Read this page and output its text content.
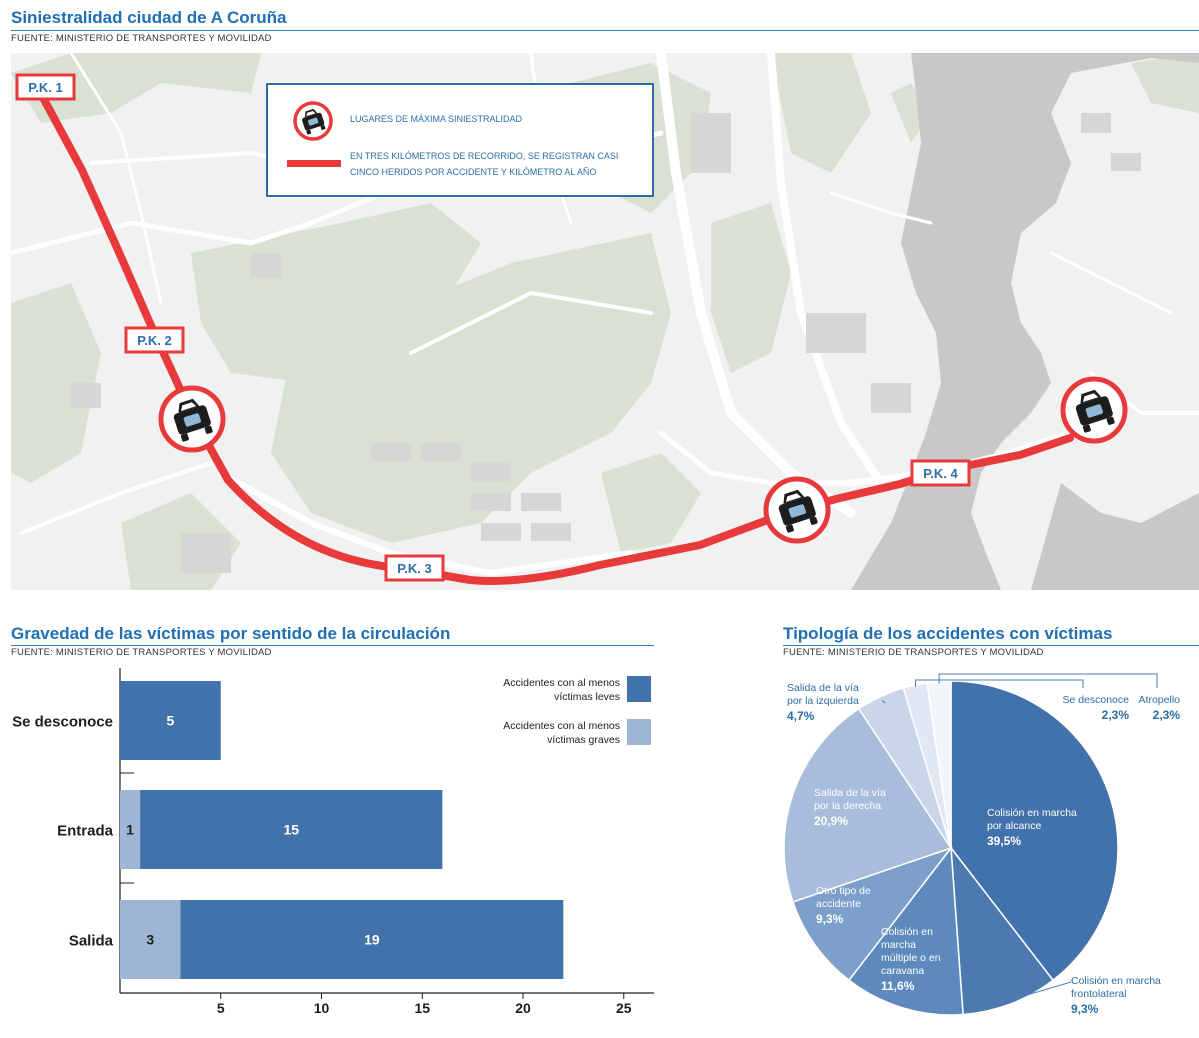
Siniestralidad ciudad de A Coruña
FUENTE: MINISTERIO DE TRANSPORTES Y MOVILIDAD
P.K. 1
P.K. 2
P.K. 3
P.K. 4
LUGARES DE MÁXIMA SINIESTRALIDAD
EN TRES KILÓMETROS DE RECORRIDO, SE REGISTRAN CASI
CINCO HERIDOS POR ACCIDENTE Y KILÓMETRO AL AÑO
Gravedad de las víctimas por sentido de la circulación
FUENTE: MINISTERIO DE TRANSPORTES Y MOVILIDAD
Se desconoce	5
Entrada 1	15
Salida 3	19
5	10	15	20	25
Accidentes con al menos
víctimas leves
Accidentes con al menos
víctimas graves
Tipología de los accidentes con víctimas
FUENTE: MINISTERIO DE TRANSPORTES Y MOVILIDAD
Colisión en marcha
por alcance
39,5%
Colisión en marcha
frontolateral
9,3%
Colisión en
marcha
múltiple o en
caravana
11,6%
Otro tipo de
accidente
9,3%
Salida de la vía
por la derecha
20,9%
Salida de la vía
por la izquierda
4,7%
Se desconoce
2,3%
Atropello
2,3%
